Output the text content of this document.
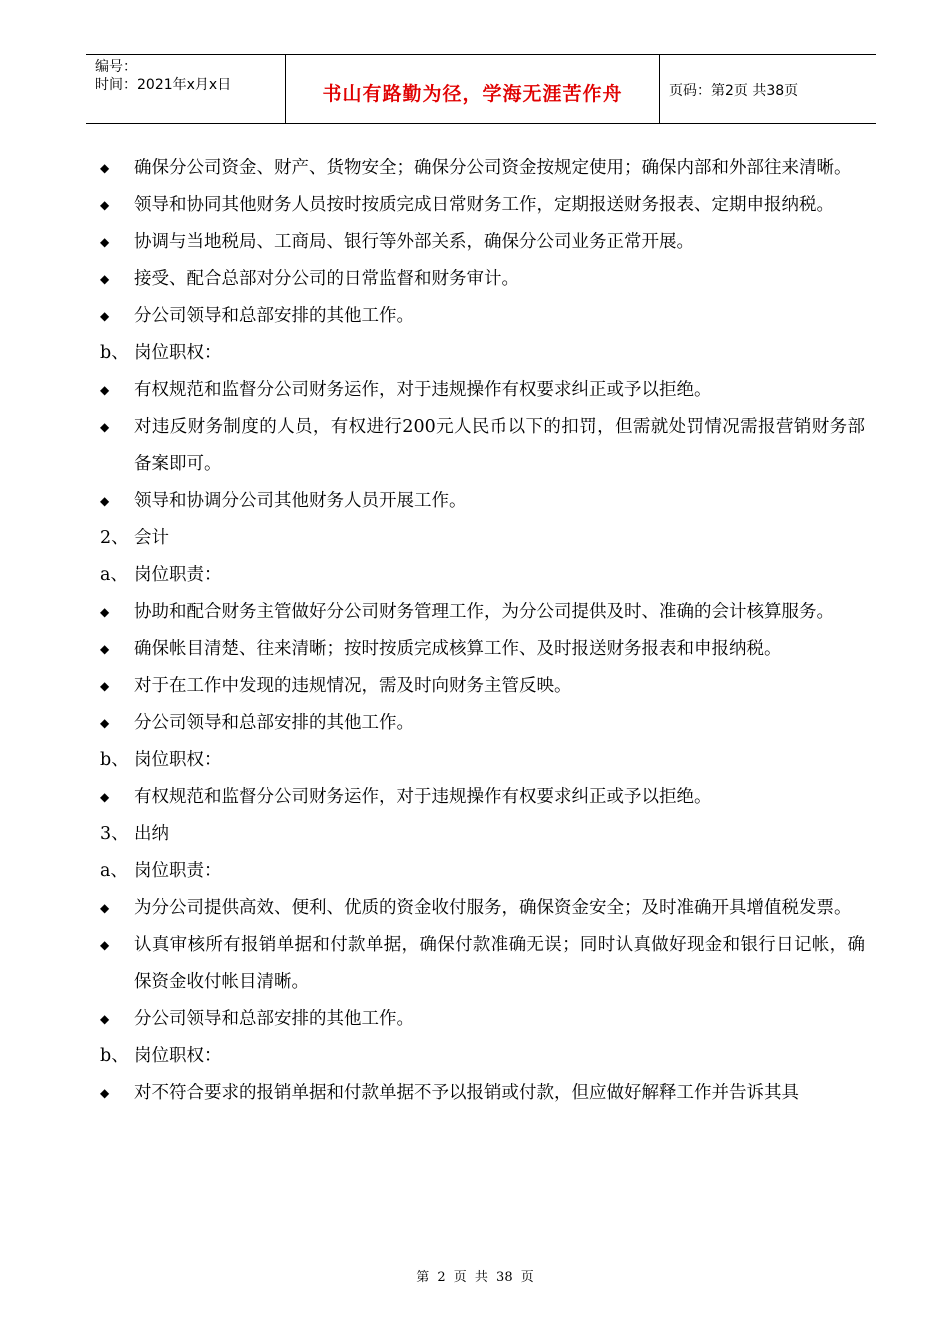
编号：
时间：2021年x月x日	书山有路勤为径，学海无涯苦作舟	页码：第2页 共38页
◆	确保分公司资金、财产、货物安全；确保分公司资金按规定使用；确保内部和外部往来清晰。
◆	领导和协同其他财务人员按时按质完成日常财务工作，定期报送财务报表、定期申报纳税。
◆	协调与当地税局、工商局、银行等外部关系，确保分公司业务正常开展。
◆	接受、配合总部对分公司的日常监督和财务审计。
◆	分公司领导和总部安排的其他工作。
b、 岗位职权：
◆	有权规范和监督分公司财务运作，对于违规操作有权要求纠正或予以拒绝。
◆	对违反财务制度的人员，有权进行200元人民币以下的扣罚，但需就处罚情况需报营销财务部备案即可。
◆	领导和协调分公司其他财务人员开展工作。
2、 会计
a、 岗位职责：
◆	协助和配合财务主管做好分公司财务管理工作，为分公司提供及时、准确的会计核算服务。
◆	确保帐目清楚、往来清晰；按时按质完成核算工作、及时报送财务报表和申报纳税。
◆	对于在工作中发现的违规情况，需及时向财务主管反映。
◆	分公司领导和总部安排的其他工作。
b、 岗位职权：
◆	有权规范和监督分公司财务运作，对于违规操作有权要求纠正或予以拒绝。
3、 出纳
a、 岗位职责：
◆	为分公司提供高效、便利、优质的资金收付服务，确保资金安全；及时准确开具增值税发票。
◆	认真审核所有报销单据和付款单据，确保付款准确无误；同时认真做好现金和银行日记帐，确保资金收付帐目清晰。
◆	分公司领导和总部安排的其他工作。
b、 岗位职权：
◆	对不符合要求的报销单据和付款单据不予以报销或付款，但应做好解释工作并告诉其具
第 2 页 共 38 页
